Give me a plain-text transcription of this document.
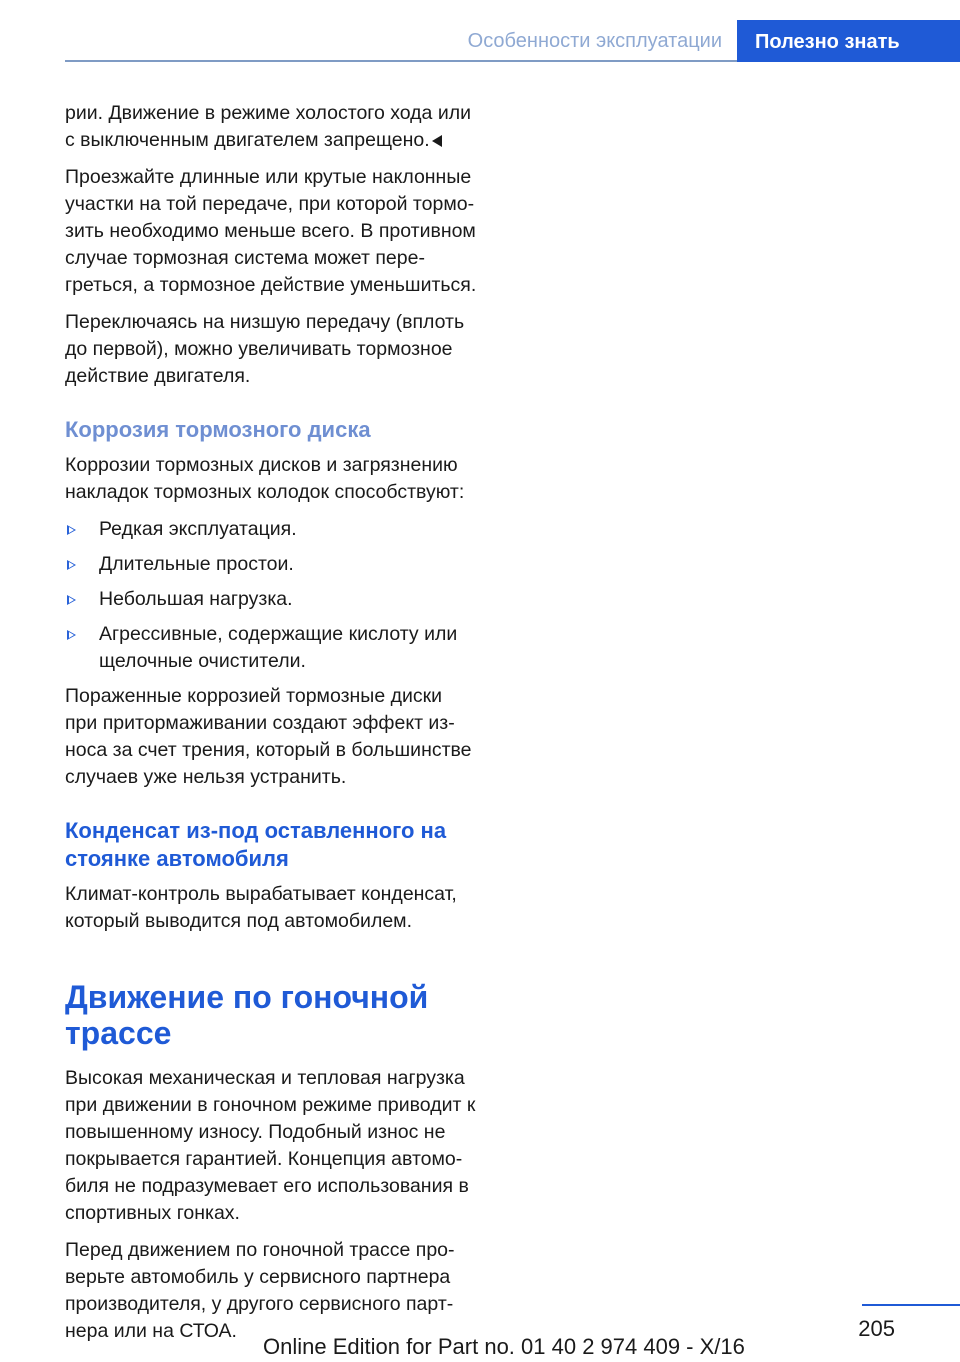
Особенности эксплуатации	Полезно знать

рии. Движение в режиме холостого хода или
с выключенным двигателем запрещено.

Проезжайте длинные или крутые наклонные
участки на той передаче, при которой тормо-
зить необходимо меньше всего. В противном
случае тормозная система может пере-
греться, а тормозное действие уменьшиться.

Переключаясь на низшую передачу (вплоть
до первой), можно увеличивать тормозное
действие двигателя.

Коррозия тормозного диска

Коррозии тормозных дисков и загрязнению
накладок тормозных колодок способствуют:

Редкая эксплуатация.
Длительные простои.
Небольшая нагрузка.
Агрессивные, содержащие кислоту или
щелочные очистители.

Пораженные коррозией тормозные диски
при притормаживании создают эффект из-
носа за счет трения, который в большинстве
случаев уже нельзя устранить.

Конденсат из-под оставленного на
стоянке автомобиля

Климат-контроль вырабатывает конденсат,
который выводится под автомобилем.

Движение по гоночной
трассе

Высокая механическая и тепловая нагрузка
при движении в гоночном режиме приводит к
повышенному износу. Подобный износ не
покрывается гарантией. Концепция автомо-
биля не подразумевает его использования в
спортивных гонках.

Перед движением по гоночной трассе про-
верьте автомобиль у сервисного партнера
производителя, у другого сервисного парт-
нера или на СТОА.	205
Online Edition for Part no. 01 40 2 974 409 - X/16
